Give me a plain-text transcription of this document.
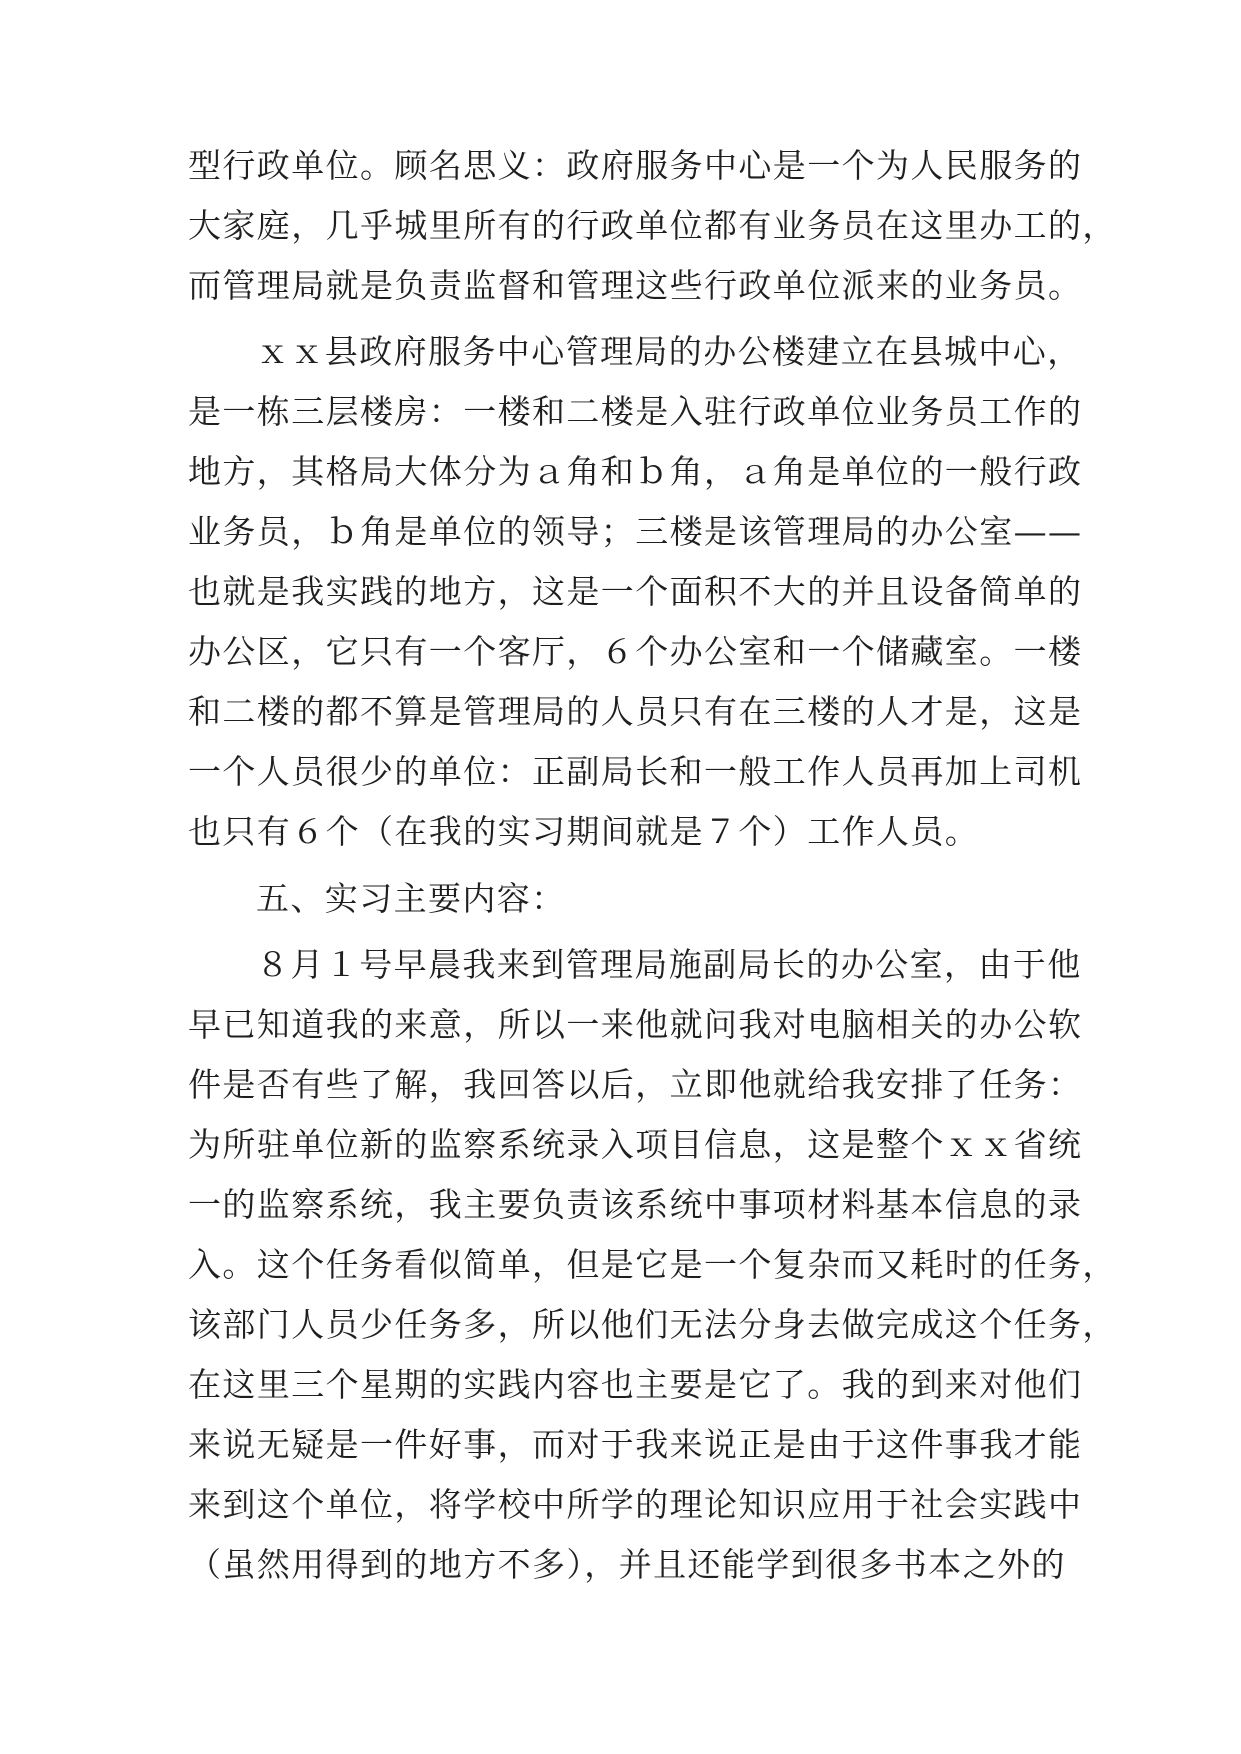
型行政单位。顾名思义：政府服务中心是一个为人民服务的
大家庭，几乎城里所有的行政单位都有业务员在这里办工的，
而管理局就是负责监督和管理这些行政单位派来的业务员。
ｘｘ县政府服务中心管理局的办公楼建立在县城中心，
是一栋三层楼房：一楼和二楼是入驻行政单位业务员工作的
地方，其格局大体分为ａ角和ｂ角，ａ角是单位的一般行政
业务员，ｂ角是单位的领导；三楼是该管理局的办公室——
也就是我实践的地方，这是一个面积不大的并且设备简单的
办公区，它只有一个客厅，６个办公室和一个储藏室。一楼
和二楼的都不算是管理局的人员只有在三楼的人才是，这是
一个人员很少的单位：正副局长和一般工作人员再加上司机
也只有６个（在我的实习期间就是７个）工作人员。
五、实习主要内容：
８月１号早晨我来到管理局施副局长的办公室，由于他
早已知道我的来意，所以一来他就问我对电脑相关的办公软
件是否有些了解，我回答以后，立即他就给我安排了任务：
为所驻单位新的监察系统录入项目信息，这是整个ｘｘ省统
一的监察系统，我主要负责该系统中事项材料基本信息的录
入。这个任务看似简单，但是它是一个复杂而又耗时的任务，
该部门人员少任务多，所以他们无法分身去做完成这个任务，
在这里三个星期的实践内容也主要是它了。我的到来对他们
来说无疑是一件好事，而对于我来说正是由于这件事我才能
来到这个单位，将学校中所学的理论知识应用于社会实践中
（虽然用得到的地方不多），并且还能学到很多书本之外的
